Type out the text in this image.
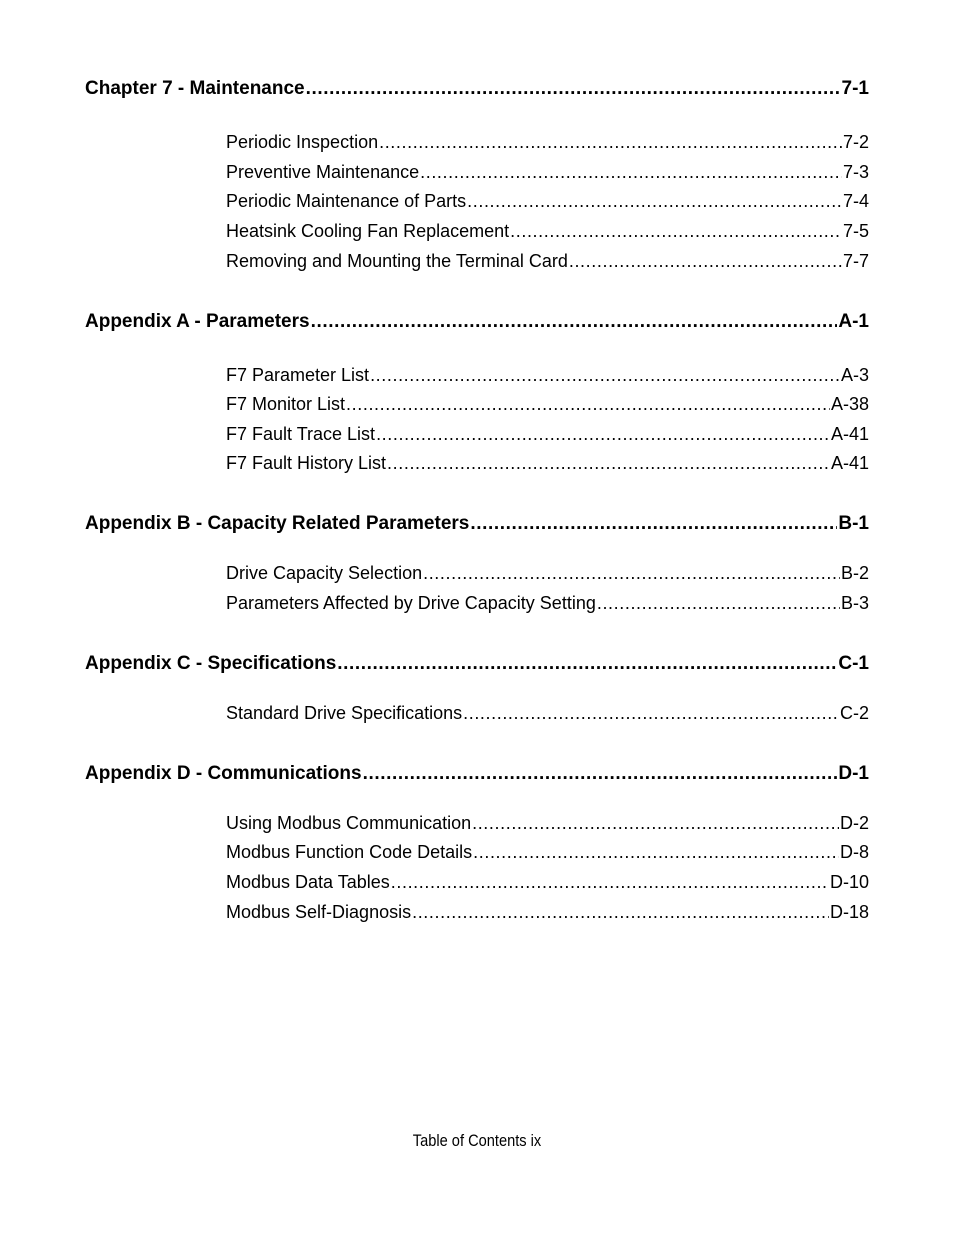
Chapter 7 - Maintenance .....	7-1
Periodic Inspection .....	7-2
Preventive Maintenance .....	7-3
Periodic Maintenance of Parts .....	7-4
Heatsink Cooling Fan Replacement .....	7-5
Removing and Mounting the Terminal Card .....	7-7
Appendix A - Parameters .....	A-1
F7 Parameter List .....	A-3
F7 Monitor List .....	A-38
F7 Fault Trace List .....	A-41
F7 Fault History List .....	A-41
Appendix B - Capacity Related Parameters .....	B-1
Drive Capacity Selection .....	B-2
Parameters Affected by Drive Capacity Setting .....	B-3
Appendix C - Specifications .....	C-1
Standard Drive Specifications .....	C-2
Appendix D - Communications .....	D-1
Using Modbus Communication .....	D-2
Modbus Function Code Details .....	D-8
Modbus Data Tables .....	D-10
Modbus Self-Diagnosis .....	D-18
Table of Contents ix
